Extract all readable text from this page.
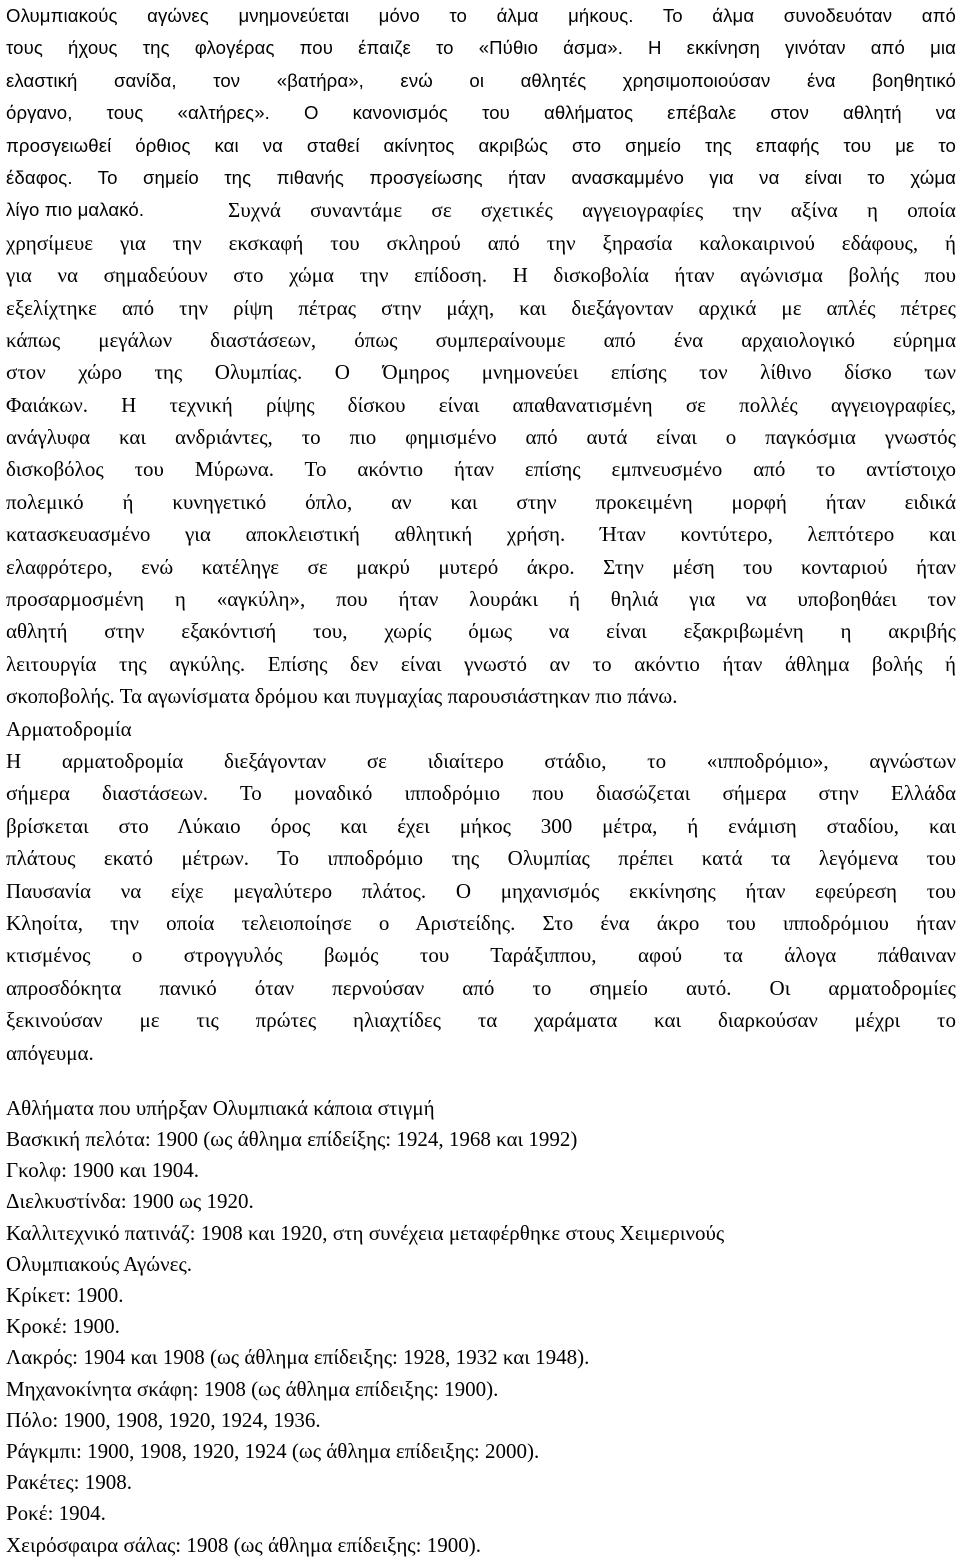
Ολυμπιακούς αγώνες μνημονεύεται μόνο το άλμα μήκους. Το άλμα συνοδευόταν από
τους ήχους της φλογέρας που έπαιζε το «Πύθιο άσμα». Η εκκίνηση γινόταν από μια
ελαστική σανίδα, τον «βατήρα», ενώ οι αθλητές χρησιμοποιούσαν ένα βοηθητικό
όργανο, τους «αλτήρες». Ο κανονισμός του αθλήματος επέβαλε στον αθλητή να
προσγειωθεί όρθιος και να σταθεί ακίνητος ακριβώς στο σημείο της επαφής του με το
έδαφος. Το σημείο της πιθανής προσγείωσης ήταν ανασκαμμένο για να είναι το χώμα
λίγο πιο μαλακό.	Συχνά συναντάμε σε σχετικές αγγειογραφίες την αξίνα η οποία
χρησίμευε για την εκσκαφή του σκληρού από την ξηρασία καλοκαιρινού εδάφους, ή
για να σημαδεύουν στο χώμα την επίδοση. Η δισκοβολία ήταν αγώνισμα βολής που
εξελίχτηκε από την ρίψη πέτρας στην μάχη, και διεξάγονταν αρχικά με απλές πέτρες
κάπως μεγάλων διαστάσεων, όπως συμπεραίνουμε από ένα αρχαιολογικό εύρημα
στον χώρο της Ολυμπίας. Ο Όμηρος μνημονεύει επίσης τον λίθινο δίσκο των
Φαιάκων. Η τεχνική ρίψης δίσκου είναι απαθανατισμένη σε πολλές αγγειογραφίες,
ανάγλυφα και ανδριάντες, το πιο φημισμένο από αυτά είναι ο παγκόσμια γνωστός
δισκοβόλος του Μύρωνα. Το ακόντιο ήταν επίσης εμπνευσμένο από το αντίστοιχο
πολεμικό ή κυνηγετικό όπλο, αν και στην προκειμένη μορφή ήταν ειδικά
κατασκευασμένο για αποκλειστική αθλητική χρήση. Ήταν κοντύτερο, λεπτότερο και
ελαφρότερο, ενώ κατέληγε σε μακρύ μυτερό άκρο. Στην μέση του κονταριού ήταν
προσαρμοσμένη η «αγκύλη», που ήταν λουράκι ή θηλιά για να υποβοηθάει τον
αθλητή στην εξακόντισή του, χωρίς όμως να είναι εξακριβωμένη η ακριβής
λειτουργία της αγκύλης. Επίσης δεν είναι γνωστό αν το ακόντιο ήταν άθλημα βολής ή
σκοποβολής. Τα αγωνίσματα δρόμου και πυγμαχίας παρουσιάστηκαν πιο πάνω.
Αρματοδρομία
Η αρματοδρομία διεξάγονταν σε ιδιαίτερο στάδιο, το «ιπποδρόμιο», αγνώστων
σήμερα διαστάσεων. Το μοναδικό ιπποδρόμιο που διασώζεται σήμερα στην Ελλάδα
βρίσκεται στο Λύκαιο όρος και έχει μήκος 300 μέτρα, ή ενάμιση σταδίου, και
πλάτους εκατό μέτρων. Το ιπποδρόμιο της Ολυμπίας πρέπει κατά τα λεγόμενα του
Παυσανία να είχε μεγαλύτερο πλάτος. Ο μηχανισμός εκκίνησης ήταν εφεύρεση του
Κληοίτα, την οποία τελειοποίησε ο Αριστείδης. Στο ένα άκρο του ιπποδρόμιου ήταν
κτισμένος ο στρογγυλός βωμός του Ταράξιππου, αφού τα άλογα πάθαιναν
απροσδόκητα πανικό όταν περνούσαν από το σημείο αυτό. Οι αρματοδρομίες
ξεκινούσαν με τις πρώτες ηλιαχτίδες τα χαράματα και διαρκούσαν μέχρι το
απόγευμα.
Αθλήματα που υπήρξαν Ολυμπιακά κάποια στιγμή
Βασκική πελότα: 1900 (ως άθλημα επίδείξης: 1924, 1968 και 1992)
Γκολφ: 1900 και 1904.
Διελκυστίνδα: 1900 ως 1920.
Καλλιτεχνικό πατινάζ: 1908 και 1920, στη συνέχεια μεταφέρθηκε στους Χειμερινούς
Ολυμπιακούς Αγώνες.
Κρίκετ: 1900.
Κροκέ: 1900.
Λακρός: 1904 και 1908 (ως άθλημα επίδειξης: 1928, 1932 και 1948).
Μηχανοκίνητα σκάφη: 1908 (ως άθλημα επίδειξης: 1900).
Πόλο: 1900, 1908, 1920, 1924, 1936.
Ράγκμπι: 1900, 1908, 1920, 1924 (ως άθλημα επίδειξης: 2000).
Ρακέτες: 1908.
Ροκέ: 1904.
Χειρόσφαιρα σάλας: 1908 (ως άθλημα επίδειξης: 1900).
